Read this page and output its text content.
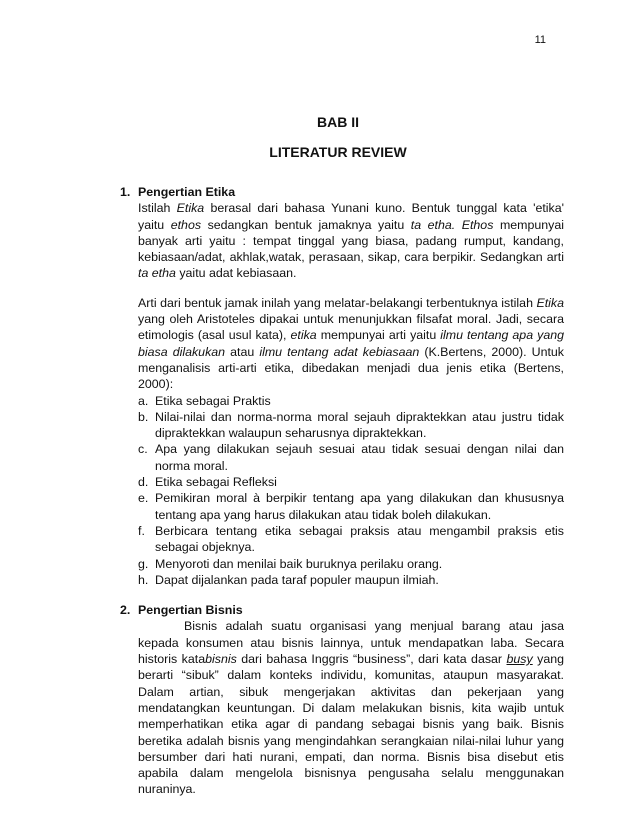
11
BAB II
LITERATUR REVIEW
1. Pengertian Etika
Istilah Etika berasal dari bahasa Yunani kuno. Bentuk tunggal kata 'etika' yaitu ethos sedangkan bentuk jamaknya yaitu ta etha. Ethos mempunyai banyak arti yaitu : tempat tinggal yang biasa, padang rumput, kandang, kebiasaan/adat, akhlak,watak, perasaan, sikap, cara berpikir. Sedangkan arti ta etha yaitu adat kebiasaan.
Arti dari bentuk jamak inilah yang melatar-belakangi terbentuknya istilah Etika yang oleh Aristoteles dipakai untuk menunjukkan filsafat moral. Jadi, secara etimologis (asal usul kata), etika mempunyai arti yaitu ilmu tentang apa yang biasa dilakukan atau ilmu tentang adat kebiasaan (K.Bertens, 2000). Untuk menganalisis arti-arti etika, dibedakan menjadi dua jenis etika (Bertens, 2000):
a. Etika sebagai Praktis
b. Nilai-nilai dan norma-norma moral sejauh dipraktekkan atau justru tidak dipraktekkan walaupun seharusnya dipraktekkan.
c. Apa yang dilakukan sejauh sesuai atau tidak sesuai dengan nilai dan norma moral.
d. Etika sebagai Refleksi
e. Pemikiran moral à berpikir tentang apa yang dilakukan dan khususnya tentang apa yang harus dilakukan atau tidak boleh dilakukan.
f. Berbicara tentang etika sebagai praksis atau mengambil praksis etis sebagai objeknya.
g. Menyoroti dan menilai baik buruknya perilaku orang.
h. Dapat dijalankan pada taraf populer maupun ilmiah.
2. Pengertian Bisnis
Bisnis adalah suatu organisasi yang menjual barang atau jasa kepada konsumen atau bisnis lainnya, untuk mendapatkan laba. Secara historis katabisnis dari bahasa Inggris “business”, dari kata dasar busy yang berarti “sibuk” dalam konteks individu, komunitas, ataupun masyarakat. Dalam artian, sibuk mengerjakan aktivitas dan pekerjaan yang mendatangkan keuntungan. Di dalam melakukan bisnis, kita wajib untuk memperhatikan etika agar di pandang sebagai bisnis yang baik. Bisnis beretika adalah bisnis yang mengindahkan serangkaian nilai-nilai luhur yang bersumber dari hati nurani, empati, dan norma. Bisnis bisa disebut etis apabila dalam mengelola bisnisnya pengusaha selalu menggunakan nuraninya.
